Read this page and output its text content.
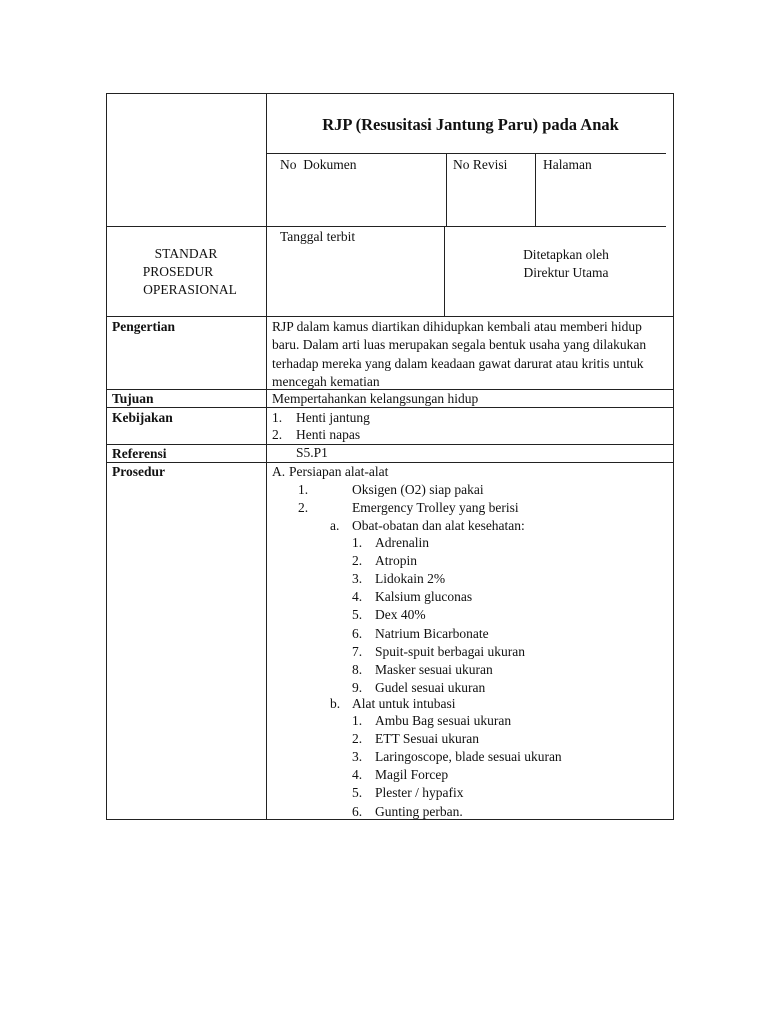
RJP (Resusitasi Jantung Paru) pada Anak
No  Dokumen	No Revisi	Halaman
Tanggal terbit
Ditetapkan oleh
Direktur Utama
STANDAR
PROSEDUR
OPERASIONAL
Pengertian	RJP dalam kamus diartikan dihidupkan kembali atau memberi hidup baru. Dalam arti luas merupakan segala bentuk usaha yang dilakukan terhadap mereka yang dalam keadaan gawat darurat atau kritis untuk mencegah kematian
Tujuan	Mempertahankan kelangsungan hidup
Kebijakan	1. Henti jantung
2. Henti napas
Referensi	S5.P1
Prosedur	A. Persiapan alat-alat
1.	Oksigen (O2) siap pakai
2.	Emergency Trolley yang berisi
a. Obat-obatan dan alat kesehatan:
1. Adrenalin
2. Atropin
3. Lidokain 2%
4. Kalsium gluconas
5. Dex 40%
6. Natrium Bicarbonate
7. Spuit-spuit berbagai ukuran
8. Masker sesuai ukuran
9. Gudel sesuai ukuran
b. Alat untuk intubasi
1. Ambu Bag sesuai ukuran
2. ETT Sesuai ukuran
3. Laringoscope, blade sesuai ukuran
4. Magil Forcep
5. Plester / hypafix
6. Gunting perban.
